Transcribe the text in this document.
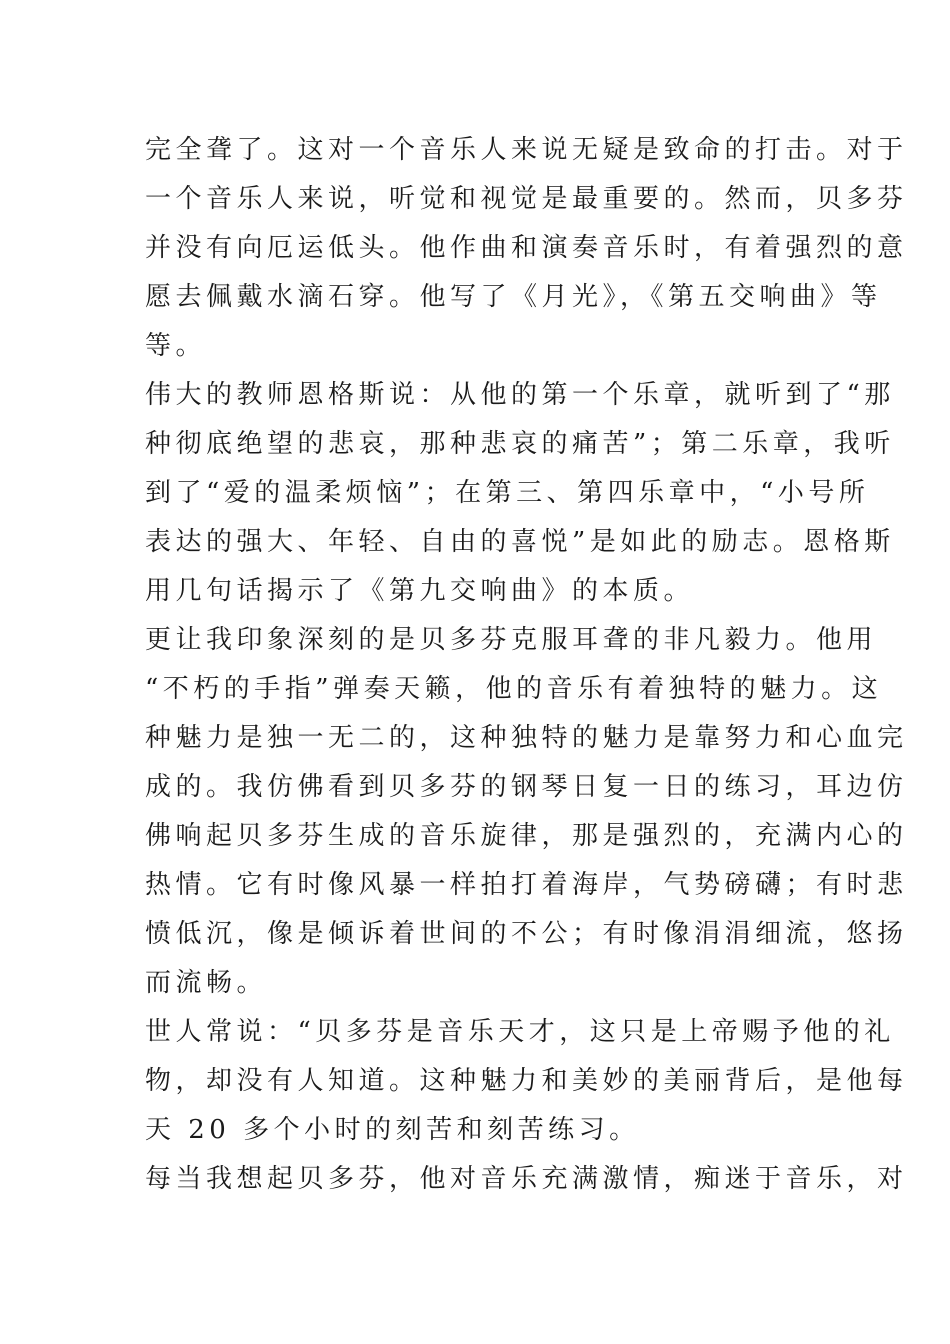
完全聋了。这对一个音乐人来说无疑是致命的打击。对于
一个音乐人来说，听觉和视觉是最重要的。然而，贝多芬
并没有向厄运低头。他作曲和演奏音乐时，有着强烈的意
愿去佩戴水滴石穿。他写了《月光》，《第五交响曲》等
等。
伟大的教师恩格斯说：从他的第一个乐章，就听到了“那
种彻底绝望的悲哀，那种悲哀的痛苦”；第二乐章，我听
到了“爱的温柔烦恼”；在第三、第四乐章中，“小号所
表达的强大、年轻、自由的喜悦”是如此的励志。恩格斯
用几句话揭示了《第九交响曲》的本质。
更让我印象深刻的是贝多芬克服耳聋的非凡毅力。他用
“不朽的手指”弹奏天籁，他的音乐有着独特的魅力。这
种魅力是独一无二的，这种独特的魅力是靠努力和心血完
成的。我仿佛看到贝多芬的钢琴日复一日的练习，耳边仿
佛响起贝多芬生成的音乐旋律，那是强烈的，充满内心的
热情。它有时像风暴一样拍打着海岸，气势磅礴；有时悲
愤低沉，像是倾诉着世间的不公；有时像涓涓细流，悠扬
而流畅。
世人常说：“贝多芬是音乐天才，这只是上帝赐予他的礼
物，却没有人知道。这种魅力和美妙的美丽背后，是他每
天 20 多个小时的刻苦和刻苦练习。
每当我想起贝多芬，他对音乐充满激情，痴迷于音乐，对
